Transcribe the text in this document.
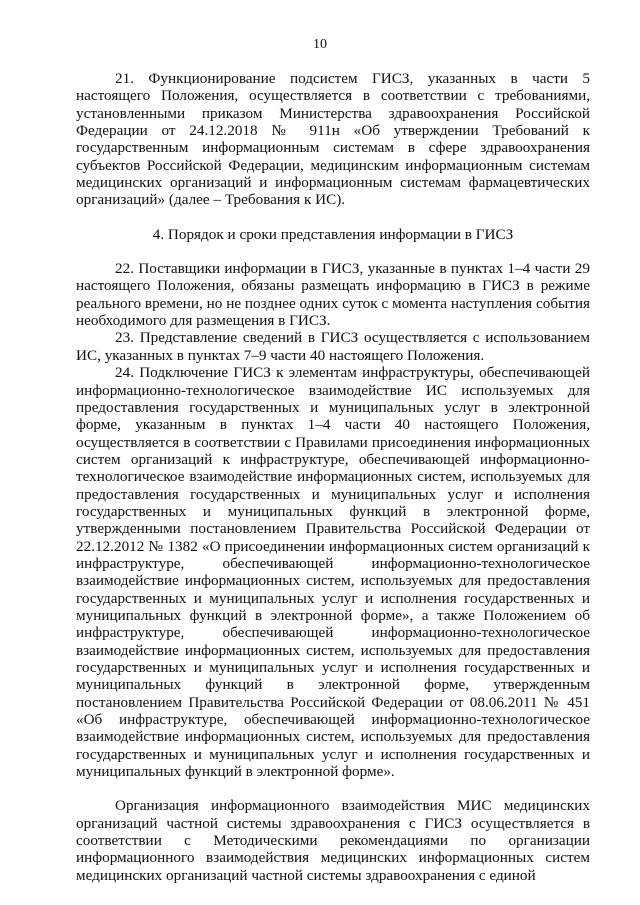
10

21. Функционирование подсистем ГИСЗ, указанных в части 5 настоящего Положения, осуществляется в соответствии с требованиями, установленными приказом Министерства здравоохранения Российской Федерации от 24.12.2018 № 911н «Об утверждении Требований к государственным информационным системам в сфере здравоохранения субъектов Российской Федерации, медицинским информационным системам медицинских организаций и информационным системам фармацевтических организаций» (далее – Требования к ИС).

4. Порядок и сроки представления информации в ГИСЗ

22. Поставщики информации в ГИСЗ, указанные в пунктах 1–4 части 29 настоящего Положения, обязаны размещать информацию в ГИСЗ в режиме реального времени, но не позднее одних суток с момента наступления события необходимого для размещения в ГИСЗ.

23. Представление сведений в ГИСЗ осуществляется с использованием ИС, указанных в пунктах 7–9 части 40 настоящего Положения.

24. Подключение ГИСЗ к элементам инфраструктуры, обеспечивающей информационно-технологическое взаимодействие ИС используемых для предоставления государственных и муниципальных услуг в электронной форме, указанным в пунктах 1–4 части 40 настоящего Положения, осуществляется в соответствии с Правилами присоединения информационных систем организаций к инфраструктуре, обеспечивающей информационно-технологическое взаимодействие информационных систем, используемых для предоставления государственных и муниципальных услуг и исполнения государственных и муниципальных функций в электронной форме, утвержденными постановлением Правительства Российской Федерации от 22.12.2012 № 1382 «О присоединении информационных систем организаций к инфраструктуре, обеспечивающей информационно-технологическое взаимодействие информационных систем, используемых для предоставления государственных и муниципальных услуг и исполнения государственных и муниципальных функций в электронной форме», а также Положением об инфраструктуре, обеспечивающей информационно-технологическое взаимодействие информационных систем, используемых для предоставления государственных и муниципальных услуг и исполнения государственных и муниципальных функций в электронной форме, утвержденным постановлением Правительства Российской Федерации от 08.06.2011 № 451 «Об инфраструктуре, обеспечивающей информационно-технологическое взаимодействие информационных систем, используемых для предоставления государственных и муниципальных услуг и исполнения государственных и муниципальных функций в электронной форме».

Организация информационного взаимодействия МИС медицинских организаций частной системы здравоохранения с ГИСЗ осуществляется в соответствии с Методическими рекомендациями по организации информационного взаимодействия медицинских информационных систем медицинских организаций частной системы здравоохранения с единой
